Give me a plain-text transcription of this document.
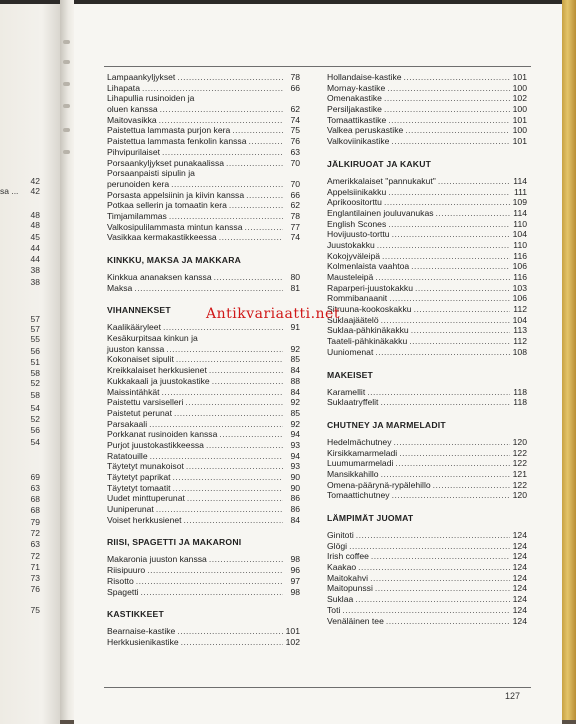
42
sa ... 42
48
48
45
44
44
38
38
57
57
55
56
51
58
52
58
54
52
56
54
69
63
68
68
79
72
63
72
71
73
76
75
Lampaankyljykset .....	78
Lihapata .....	66
Lihapullia rusinoiden ja
oluen kanssa .....	62
Maitovasikka .....	74
Paistettua lammasta purjon kera .....	75
Paistettua lammasta fenkolin kanssa .....	76
Pihvipurilaiset .....	63
Porsaankyljykset punakaalissa .....	70
Porsaanpaisti sipulin ja
perunoiden kera .....	70
Porsasta appelsiinin ja kiivin kanssa .....	66
Potkaa sellerin ja tomaatin kera .....	62
Timjamilammas .....	78
Valkosipulilammasta mintun kanssa .....	77
Vasikkaa kermakastikkeessa .....	74
KINKKU, MAKSA JA MAKKARA
Kinkkua ananaksen kanssa .....	80
Maksa .....	81
VIHANNEKSET
Kaalikääryleet .....	91
Kesäkurpitsaa kinkun ja
juuston kanssa .....	92
Kokonaiset sipulit .....	85
Kreikkalaiset herkkusienet .....	84
Kukkakaali ja juustokastike .....	88
Maissintähkät .....	84
Paistettu varsiselleri .....	92
Paistetut perunat .....	85
Parsakaali .....	92
Porkkanat rusinoiden kanssa .....	94
Purjot juustokastikkeessa .....	93
Ratatouille .....	94
Täytetyt munakoisot .....	93
Täytetyt paprikat .....	90
Täytetyt tomaatit .....	90
Uudet minttuperunat .....	86
Uuniperunat .....	86
Voiset herkkusienet .....	84
RIISI, SPAGETTI JA MAKARONI
Makaronia juuston kanssa .....	98
Riisipuuro .....	96
Risotto .....	97
Spagetti .....	98
KASTIKKEET
Bearnaise-kastike .....	101
Herkkusienikastike .....	102
Hollandaise-kastike .....	101
Mornay-kastike .....	100
Omenakastike .....	102
Persiljakastike .....	100
Tomaattikastike .....	101
Valkea peruskastike .....	100
Valkoviinikastike .....	101
JÄLKIRUOAT JA KAKUT
Amerikkalaiset "pannukakut" .....	114
Appelsiinikakku .....	111
Aprikoositorttu .....	109
Englantilainen jouluvanukas .....	114
English Scones .....	110
Hovijuusto-torttu .....	104
Juustokakku .....	110
Kokojyväleipä .....	116
Kolmenlaista vaahtoa .....	106
Mausteleipä .....	116
Raparperi-juustokakku .....	103
Rommibanaanit .....	106
Sitruuna-kookoskakku .....	112
Suklaajäätelö .....	104
Suklaa-pähkinäkakku .....	113
Taateli-pähkinäkakku .....	112
Uuniomenat .....	108
MAKEISET
Karamellit .....	118
Suklaatryffelit .....	118
CHUTNEY JA MARMELADIT
Hedelmächutney .....	120
Kirsikkamarmeladi .....	122
Luumumarmeladi .....	122
Mansikkahillo .....	121
Omena-päärynä-rypälehillo .....	122
Tomaattichutney .....	120
LÄMPIMÄT JUOMAT
Ginitoti .....	124
Glögi .....	124
Irish coffee .....	124
Kaakao .....	124
Maitokahvi .....	124
Maitopunssi .....	124
Suklaa .....	124
Toti .....	124
Venäläinen tee .....	124
127
Antikvariaatti.net
